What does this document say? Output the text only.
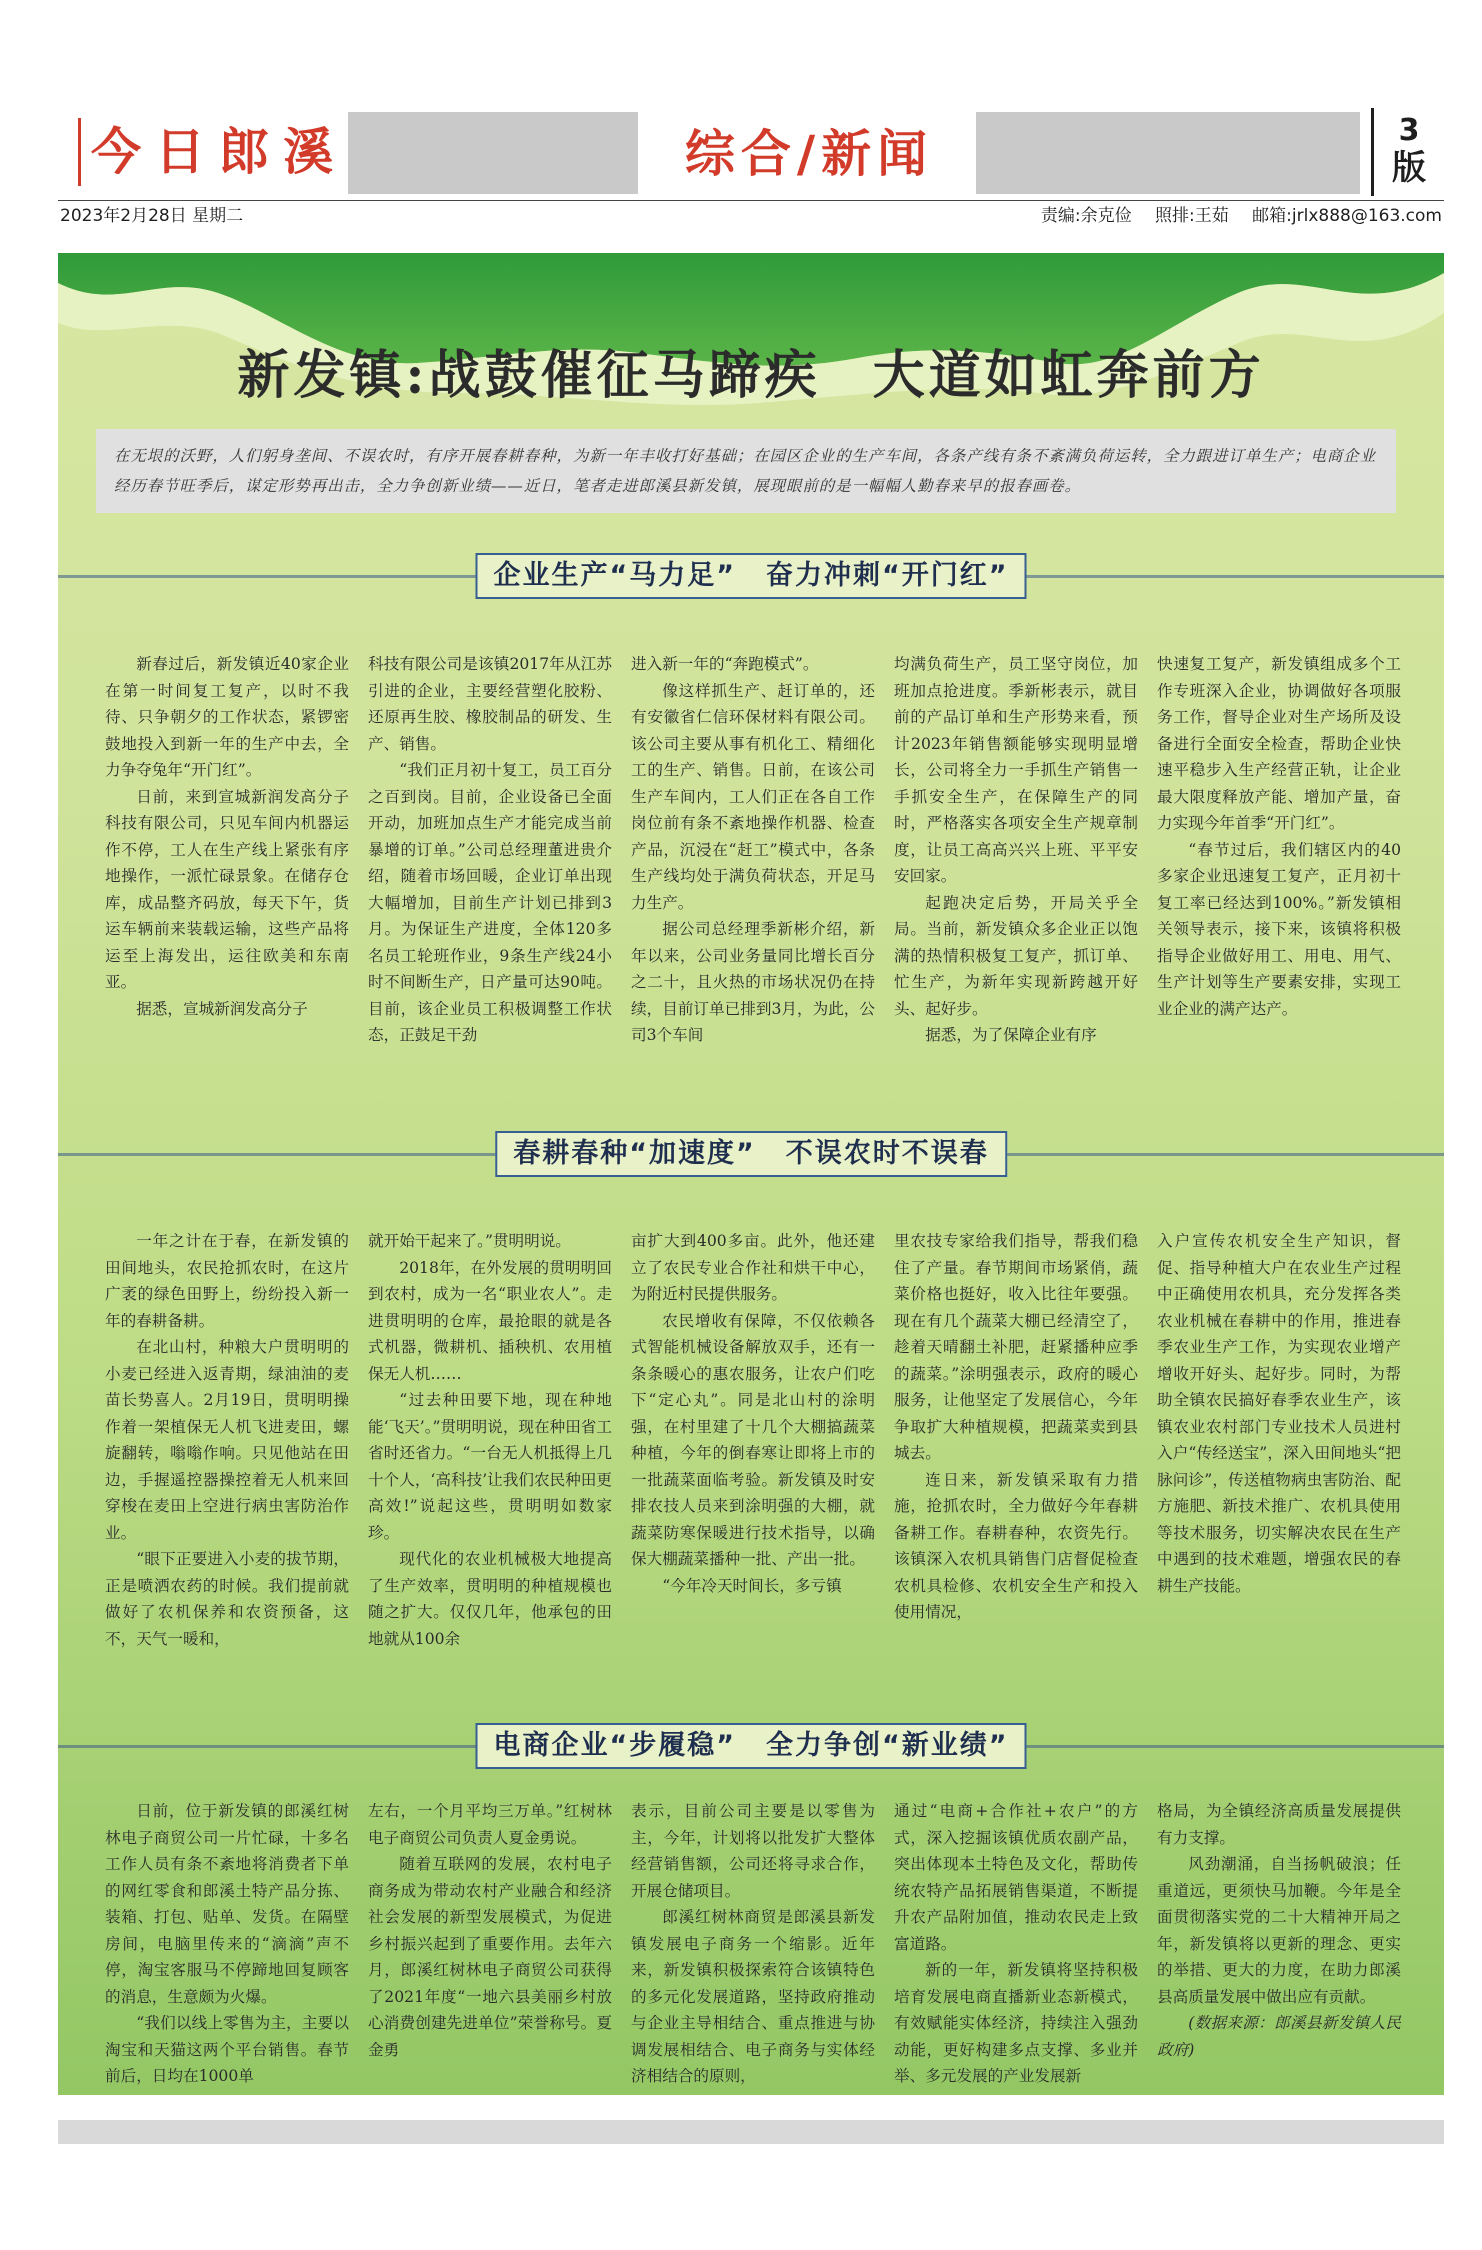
今日郎溪	综合/新闻	3
版
2023年2月28日 星期二	责编:余克俭 照排:王茹 邮箱:jrlx888@163.com
新发镇:战鼓催征马蹄疾 大道如虹奔前方
在无垠的沃野，人们躬身垄间、不误农时，有序开展春耕春种，为新一年丰收打好基础；在园区企业的生产车间，各条产线有条不紊满负荷运转，全力跟进订单生产；电商企业经历春节旺季后，谋定形势再出击，全力争创新业绩——近日，笔者走进郎溪县新发镇，展现眼前的是一幅幅人勤春来早的报春画卷。
企业生产“马力足” 奋力冲刺“开门红”

新春过后，新发镇近40家企业在第一时间复工复产，以时不我待、只争朝夕的工作状态，紧锣密鼓地投入到新一年的生产中去，全力争夺兔年“开门红”。

日前，来到宣城新润发高分子科技有限公司，只见车间内机器运作不停，工人在生产线上紧张有序地操作，一派忙碌景象。在储存仓库，成品整齐码放，每天下午，货运车辆前来装载运输，这些产品将运至上海发出，运往欧美和东南亚。

据悉，宣城新润发高分子

科技有限公司是该镇2017年从江苏引进的企业，主要经营塑化胶粉、还原再生胶、橡胶制品的研发、生产、销售。

“我们正月初十复工，员工百分之百到岗。目前，企业设备已全面开动，加班加点生产才能完成当前暴增的订单。”公司总经理董进贵介绍，随着市场回暖，企业订单出现大幅增加，目前生产计划已排到3月。为保证生产进度，全体120多名员工轮班作业，9条生产线24小时不间断生产，日产量可达90吨。目前，该企业员工积极调整工作状态，正鼓足干劲

进入新一年的“奔跑模式”。

像这样抓生产、赶订单的，还有安徽省仁信环保材料有限公司。该公司主要从事有机化工、精细化工的生产、销售。日前，在该公司生产车间内，工人们正在各自工作岗位前有条不紊地操作机器、检查产品，沉浸在“赶工”模式中，各条生产线均处于满负荷状态，开足马力生产。

据公司总经理季新彬介绍，新年以来，公司业务量同比增长百分之二十，且火热的市场状况仍在持续，目前订单已排到3月，为此，公司3个车间

均满负荷生产，员工坚守岗位，加班加点抢进度。季新彬表示，就目前的产品订单和生产形势来看，预计2023年销售额能够实现明显增长，公司将全力一手抓生产销售一手抓安全生产，在保障生产的同时，严格落实各项安全生产规章制度，让员工高高兴兴上班、平平安安回家。

起跑决定后势，开局关乎全局。当前，新发镇众多企业正以饱满的热情积极复工复产，抓订单、忙生产，为新年实现新跨越开好头、起好步。

据悉，为了保障企业有序

快速复工复产，新发镇组成多个工作专班深入企业，协调做好各项服务工作，督导企业对生产场所及设备进行全面安全检查，帮助企业快速平稳步入生产经营正轨，让企业最大限度释放产能、增加产量，奋力实现今年首季“开门红”。

“春节过后，我们辖区内的40多家企业迅速复工复产，正月初十复工率已经达到100%。”新发镇相关领导表示，接下来，该镇将积极指导企业做好用工、用电、用气、生产计划等生产要素安排，实现工业企业的满产达产。

春耕春种“加速度” 不误农时不误春

一年之计在于春，在新发镇的田间地头，农民抢抓农时，在这片广袤的绿色田野上，纷纷投入新一年的春耕备耕。

在北山村，种粮大户贯明明的小麦已经进入返青期，绿油油的麦苗长势喜人。2月19日，贯明明操作着一架植保无人机飞进麦田，螺旋翻转，嗡嗡作响。只见他站在田边，手握遥控器操控着无人机来回穿梭在麦田上空进行病虫害防治作业。

“眼下正要进入小麦的拔节期，正是喷洒农药的时候。我们提前就做好了农机保养和农资预备，这不，天气一暖和，

就开始干起来了。”贯明明说。

2018年，在外发展的贯明明回到农村，成为一名“职业农人”。走进贯明明的仓库，最抢眼的就是各式机器，微耕机、插秧机、农用植保无人机……

“过去种田要下地，现在种地能‘飞天’。”贯明明说，现在种田省工省时还省力。“一台无人机抵得上几十个人，‘高科技’让我们农民种田更高效!”说起这些，贯明明如数家珍。

现代化的农业机械极大地提高了生产效率，贯明明的种植规模也随之扩大。仅仅几年，他承包的田地就从100余

亩扩大到400多亩。此外，他还建立了农民专业合作社和烘干中心，为附近村民提供服务。

农民增收有保障，不仅依赖各式智能机械设备解放双手，还有一条条暖心的惠农服务，让农户们吃下“定心丸”。同是北山村的涂明强，在村里建了十几个大棚搞蔬菜种植，今年的倒春寒让即将上市的一批蔬菜面临考验。新发镇及时安排农技人员来到涂明强的大棚，就蔬菜防寒保暖进行技术指导，以确保大棚蔬菜播种一批、产出一批。

“今年冷天时间长，多亏镇

里农技专家给我们指导，帮我们稳住了产量。春节期间市场紧俏，蔬菜价格也挺好，收入比往年要强。现在有几个蔬菜大棚已经清空了，趁着天晴翻土补肥，赶紧播种应季的蔬菜。”涂明强表示，政府的暖心服务，让他坚定了发展信心，今年争取扩大种植规模，把蔬菜卖到县城去。

连日来，新发镇采取有力措施，抢抓农时，全力做好今年春耕备耕工作。春耕春种，农资先行。该镇深入农机具销售门店督促检查农机具检修、农机安全生产和投入使用情况，

入户宣传农机安全生产知识，督促、指导种植大户在农业生产过程中正确使用农机具，充分发挥各类农业机械在春耕中的作用，推进春季农业生产工作，为实现农业增产增收开好头、起好步。同时，为帮助全镇农民搞好春季农业生产，该镇农业农村部门专业技术人员进村入户“传经送宝”，深入田间地头“把脉问诊”，传送植物病虫害防治、配方施肥、新技术推广、农机具使用等技术服务，切实解决农民在生产中遇到的技术难题，增强农民的春耕生产技能。

电商企业“步履稳” 全力争创“新业绩”

日前，位于新发镇的郎溪红树林电子商贸公司一片忙碌，十多名工作人员有条不紊地将消费者下单的网红零食和郎溪土特产品分拣、装箱、打包、贴单、发货。在隔壁房间，电脑里传来的“滴滴”声不停，淘宝客服马不停蹄地回复顾客的消息，生意颇为火爆。

“我们以线上零售为主，主要以淘宝和天猫这两个平台销售。春节前后，日均在1000单

左右，一个月平均三万单。”红树林电子商贸公司负责人夏金勇说。

随着互联网的发展，农村电子商务成为带动农村产业融合和经济社会发展的新型发展模式，为促进乡村振兴起到了重要作用。去年六月，郎溪红树林电子商贸公司获得了2021年度“一地六县美丽乡村放心消费创建先进单位”荣誉称号。夏金勇

表示，目前公司主要是以零售为主，今年，计划将以批发扩大整体经营销售额，公司还将寻求合作，开展仓储项目。

郎溪红树林商贸是郎溪县新发镇发展电子商务一个缩影。近年来，新发镇积极探索符合该镇特色的多元化发展道路，坚持政府推动与企业主导相结合、重点推进与协调发展相结合、电子商务与实体经济相结合的原则，

通过“电商+合作社+农户”的方式，深入挖掘该镇优质农副产品，突出体现本土特色及文化，帮助传统农特产品拓展销售渠道，不断提升农产品附加值，推动农民走上致富道路。

新的一年，新发镇将坚持积极培育发展电商直播新业态新模式，有效赋能实体经济，持续注入强劲动能，更好构建多点支撑、多业并举、多元发展的产业发展新

格局，为全镇经济高质量发展提供有力支撑。

风劲潮涌，自当扬帆破浪；任重道远，更须快马加鞭。今年是全面贯彻落实党的二十大精神开局之年，新发镇将以更新的理念、更实的举措、更大的力度，在助力郎溪县高质量发展中做出应有贡献。

(数据来源：郎溪县新发镇人民政府)
